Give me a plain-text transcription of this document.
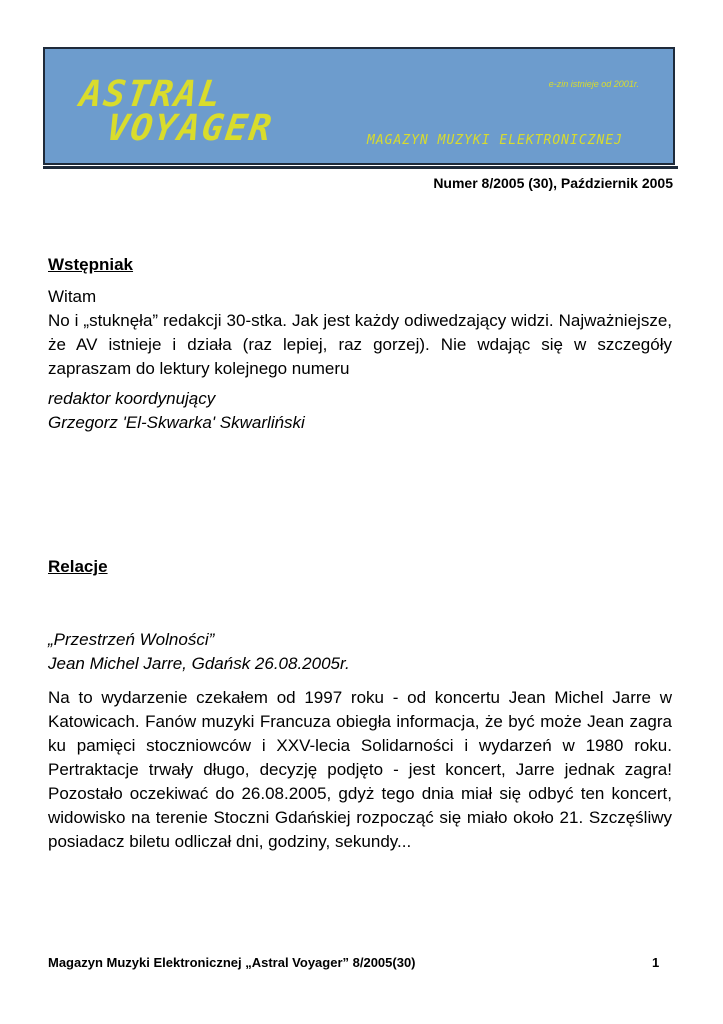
ASTRAL
VOYAGER
e-zin istnieje od 2001r.
MAGAZYN MUZYKI ELEKTRONICZNEJ
Numer 8/2005 (30), Październik 2005

Wstępniak

Witam

No i „stuknęła” redakcji 30-stka. Jak jest każdy odiwedzający widzi. Najważniejsze, że AV istnieje i działa (raz lepiej, raz gorzej). Nie wdając się w szczegóły zapraszam do lektury kolejnego numeru

redaktor koordynujący

Grzegorz 'El-Skwarka' Skwarliński

Relacje

„Przestrzeń Wolności”

Jean Michel Jarre, Gdańsk 26.08.2005r.

Na to wydarzenie czekałem od 1997 roku - od koncertu Jean Michel Jarre w Katowicach. Fanów muzyki Francuza obiegła informacja, że być może Jean zagra ku pamięci stoczniowców i XXV-lecia Solidarności i wydarzeń w 1980 roku. Pertraktacje trwały długo, decyzję podjęto - jest koncert, Jarre jednak zagra! Pozostało oczekiwać do 26.08.2005, gdyż tego dnia miał się odbyć ten koncert, widowisko na terenie Stoczni Gdańskiej rozpocząć się miało około 21. Szczęśliwy posiadacz biletu odliczał dni, godziny, sekundy...

Magazyn Muzyki Elektronicznej „Astral Voyager” 8/2005(30)	1
